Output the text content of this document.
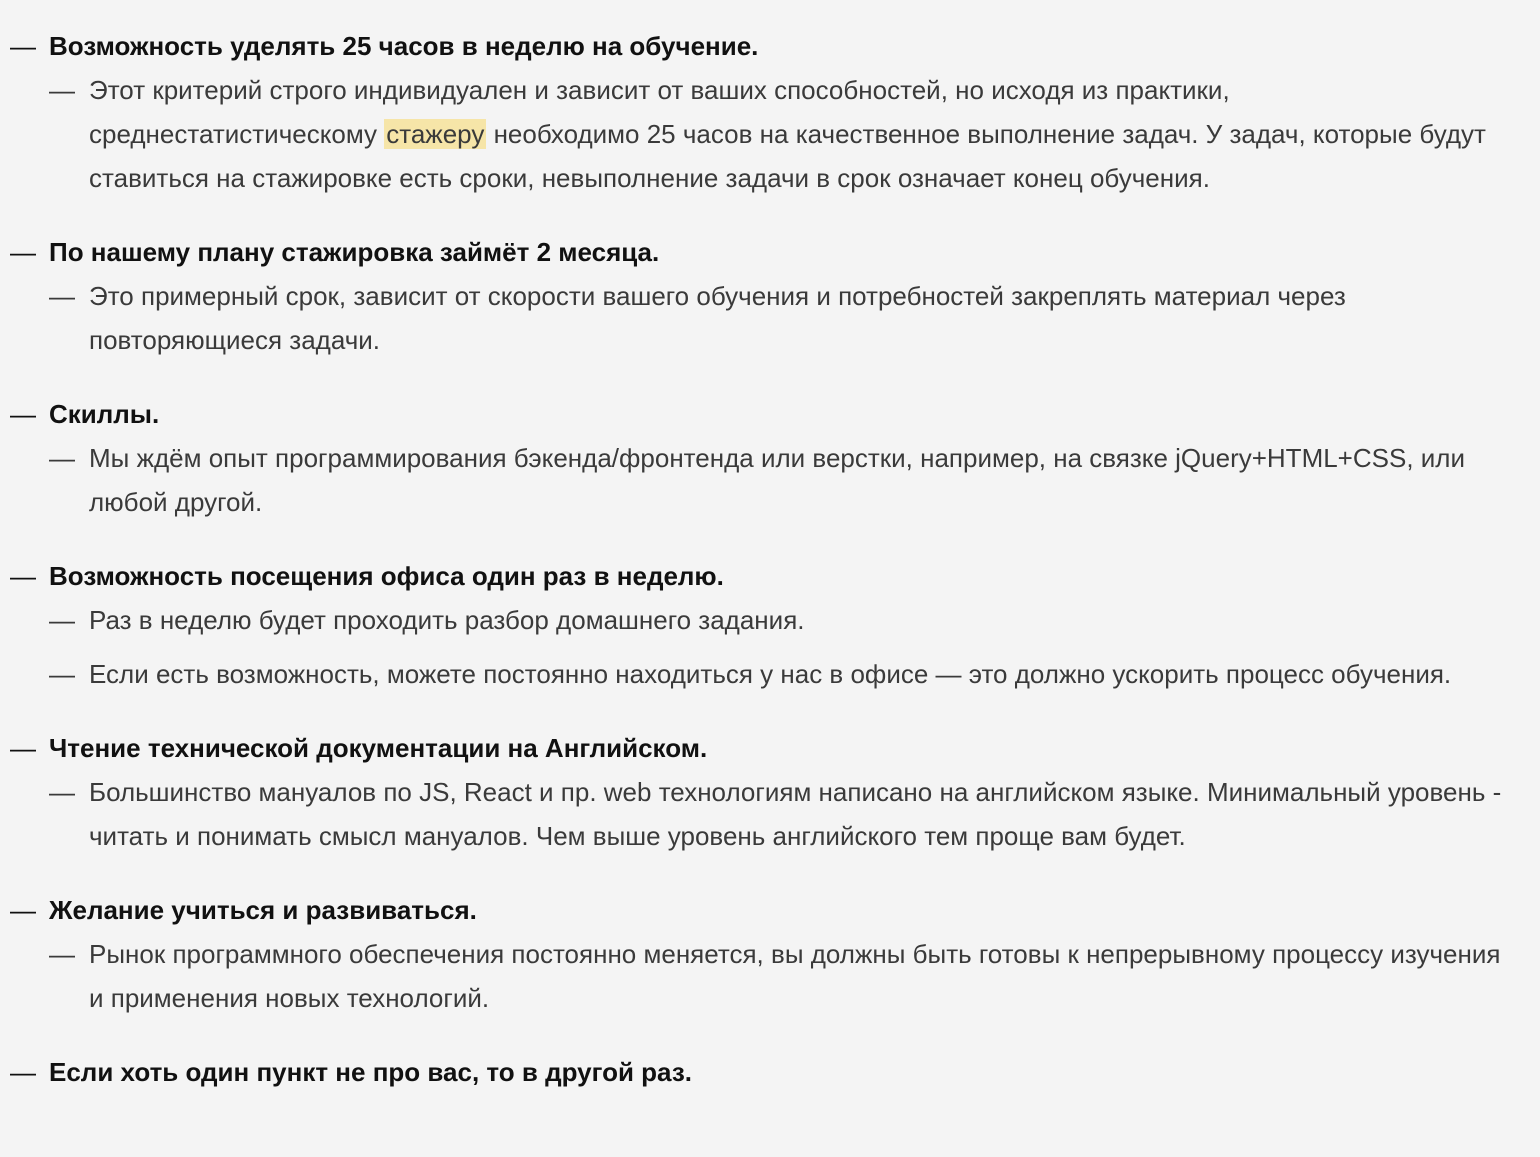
— Возможность уделять 25 часов в неделю на обучение.
— Этот критерий строго индивидуален и зависит от ваших способностей, но исходя из практики, среднестатистическому стажеру необходимо 25 часов на качественное выполнение задач. У задач, которые будут ставиться на стажировке есть сроки, невыполнение задачи в срок означает конец обучения.
— По нашему плану стажировка займёт 2 месяца.
— Это примерный срок, зависит от скорости вашего обучения и потребностей закреплять материал через повторяющиеся задачи.
— Скиллы.
— Мы ждём опыт программирования бэкенда/фронтенда или верстки, например, на связке jQuery+HTML+CSS, или любой другой.
— Возможность посещения офиса один раз в неделю.
— Раз в неделю будет проходить разбор домашнего задания.
— Если есть возможность, можете постоянно находиться у нас в офисе — это должно ускорить процесс обучения.
— Чтение технической документации на Английском.
— Большинство мануалов по JS, React и пр. web технологиям написано на английском языке. Минимальный уровень - читать и понимать смысл мануалов. Чем выше уровень английского тем проще вам будет.
— Желание учиться и развиваться.
— Рынок программного обеспечения постоянно меняется, вы должны быть готовы к непрерывному процессу изучения и применения новых технологий.
— Если хоть один пункт не про вас, то в другой раз.
